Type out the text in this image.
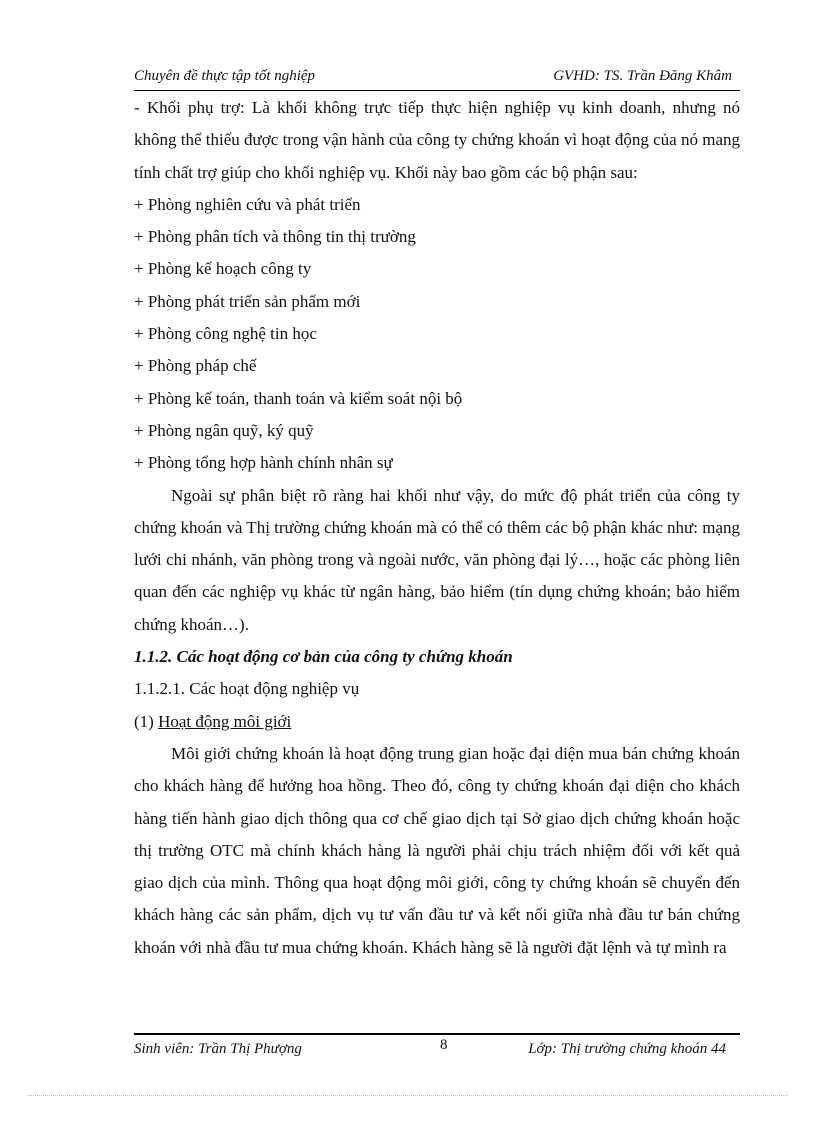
Chuyên đề thực tập tốt nghiệp	GVHD: TS. Trần Đăng Khâm

- Khối phụ trợ: Là khối không trực tiếp thực hiện nghiệp vụ kinh doanh, nhưng nó không thể thiếu được trong vận hành của công ty chứng khoán vì hoạt động của nó mang tính chất trợ giúp cho khối nghiệp vụ. Khối này bao gồm các bộ phận sau:

+ Phòng nghiên cứu và phát triển

+ Phòng phân tích và thông tin thị trường

+ Phòng kế hoạch công ty

+ Phòng phát triển sản phẩm mới

+ Phòng công nghệ tin học

+ Phòng pháp chế

+ Phòng kế toán, thanh toán và kiểm soát nội bộ

+ Phòng ngân quỹ, ký quỹ

+ Phòng tổng hợp hành chính nhân sự

Ngoài sự phân biệt rõ ràng hai khối như vậy, do mức độ phát triển của công ty chứng khoán và Thị trường chứng khoán mà có thể có thêm các bộ phận khác như: mạng lưới chi nhánh, văn phòng trong và ngoài nước, văn phòng đại lý…, hoặc các phòng liên quan đến các nghiệp vụ khác từ ngân hàng, bảo hiểm (tín dụng chứng khoán; bảo hiểm chứng khoán…).

1.1.2. Các hoạt động cơ bản của công ty chứng khoán

1.1.2.1. Các hoạt động nghiệp vụ

(1) Hoạt động môi giới

Môi giới chứng khoán là hoạt động trung gian hoặc đại diện mua bán chứng khoán cho khách hàng để hưởng hoa hồng. Theo đó, công ty chứng khoán đại diện cho khách hàng tiến hành giao dịch thông qua cơ chế giao dịch tại Sở giao dịch chứng khoán hoặc thị trường OTC mà chính khách hàng là người phải chịu trách nhiệm đối với kết quả giao dịch của mình. Thông qua hoạt động môi giới, công ty chứng khoán sẽ chuyển đến khách hàng các sản phẩm, dịch vụ tư vấn đầu tư và kết nối giữa nhà đầu tư bán chứng khoán với nhà đầu tư mua chứng khoán. Khách hàng sẽ là người đặt lệnh và tự mình ra

Sinh viên: Trần Thị Phượng	8	Lớp: Thị trường chứng khoán 44
